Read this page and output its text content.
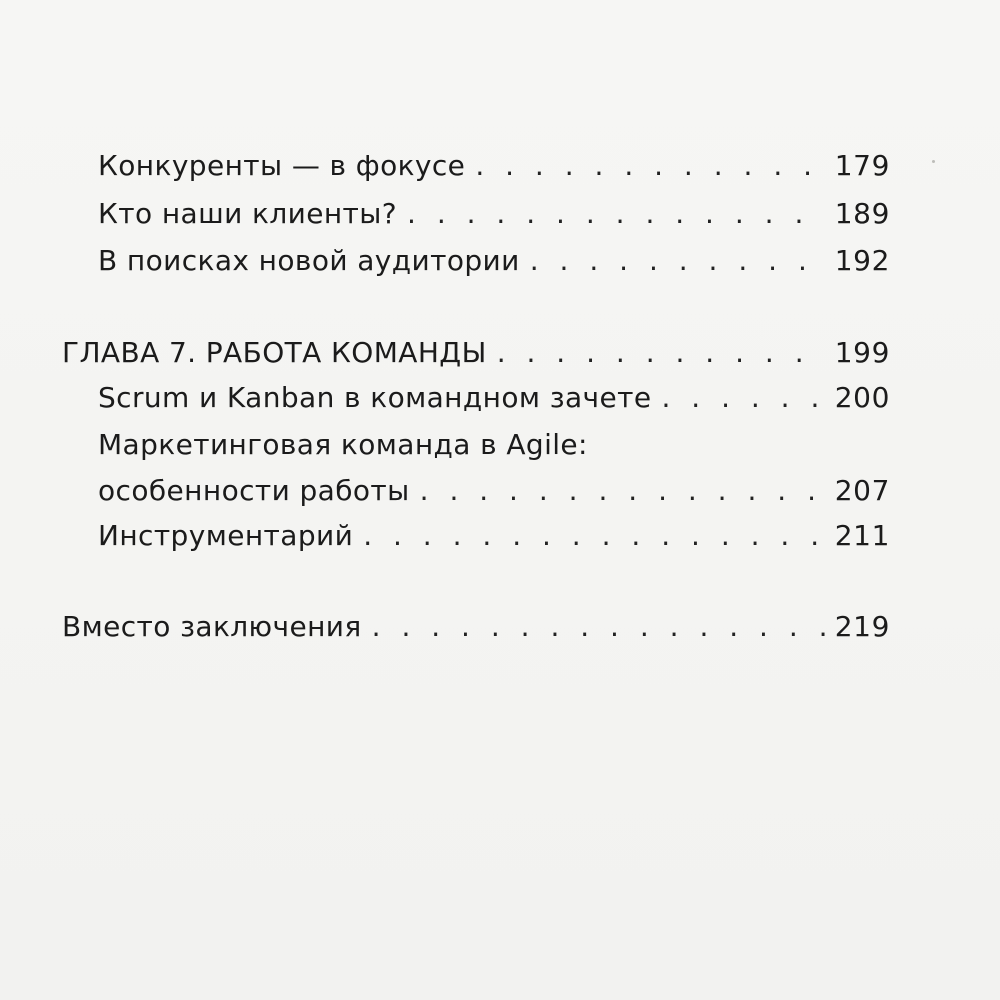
Конкуренты — в фокусе . . .	179
Кто наши клиенты? . . .	189
В поисках новой аудитории . . .	192
ГЛАВА 7. РАБОТА КОМАНДЫ . . .	199
Scrum и Kanban в командном зачете . . .	200
Маркетинговая команда в Agile:
особенности работы . . .	207
Инструментарий . . .	211
Вместо заключения . . .	219
